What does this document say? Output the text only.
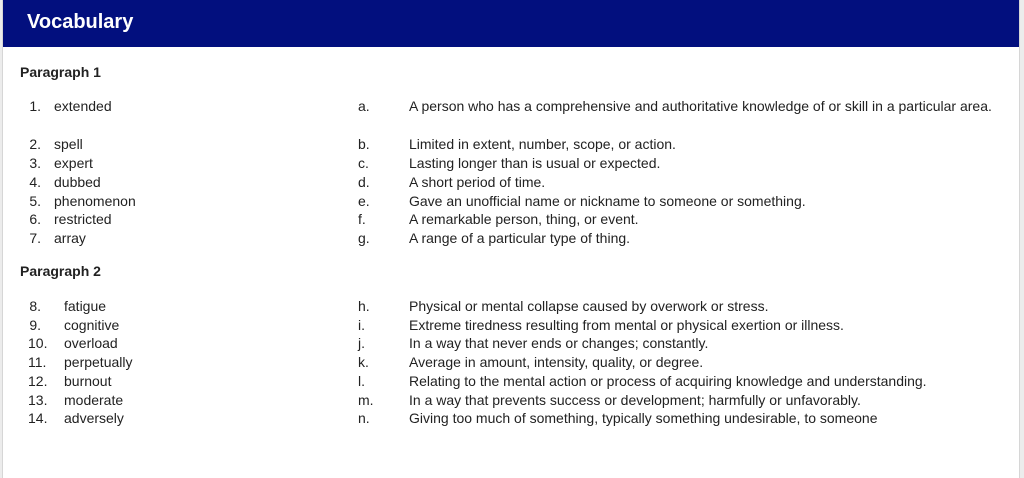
Vocabulary
Paragraph 1
1. extended	a.	A person who has a comprehensive and authoritative knowledge of or skill in a particular area.
2. spell	b.	Limited in extent, number, scope, or action.
3. expert	c.	Lasting longer than is usual or expected.
4. dubbed	d.	A short period of time.
5. phenomenon	e.	Gave an unofficial name or nickname to someone or something.
6. restricted	f.	A remarkable person, thing, or event.
7. array	g.	A range of a particular type of thing.
Paragraph 2
8. fatigue	h.	Physical or mental collapse caused by overwork or stress.
9. cognitive	i.	Extreme tiredness resulting from mental or physical exertion or illness.
10. overload	j.	In a way that never ends or changes; constantly.
11. perpetually	k.	Average in amount, intensity, quality, or degree.
12. burnout	l.	Relating to the mental action or process of acquiring knowledge and understanding.
13. moderate	m.	In a way that prevents success or development; harmfully or unfavorably.
14. adversely	n.	Giving too much of something, typically something undesirable, to someone
